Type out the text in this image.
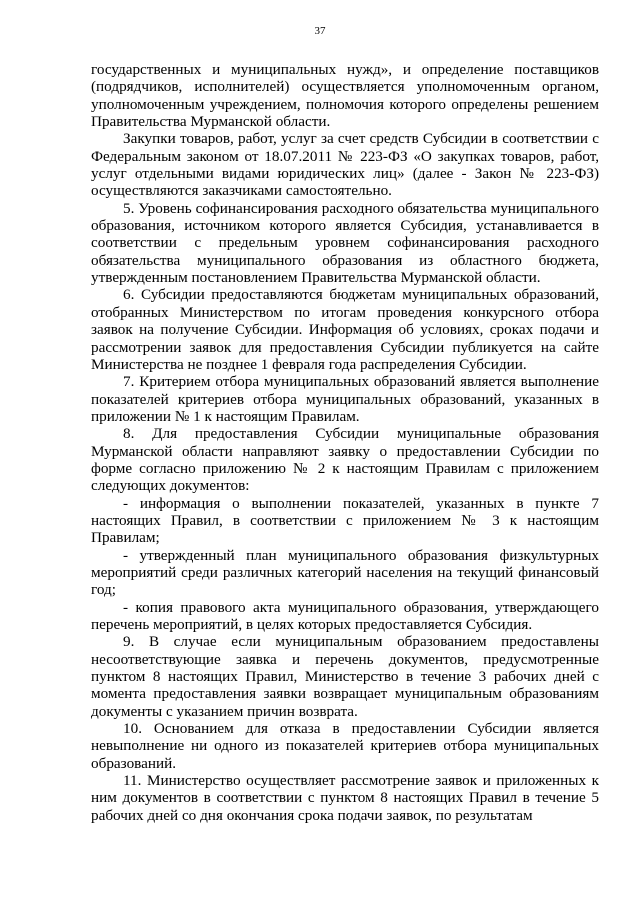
37

государственных и муниципальных нужд», и определение поставщиков (подрядчиков, исполнителей) осуществляется уполномоченным органом, уполномоченным учреждением, полномочия которого определены решением Правительства Мурманской области.

Закупки товаров, работ, услуг за счет средств Субсидии в соответствии с Федеральным законом от 18.07.2011 № 223-ФЗ «О закупках товаров, работ, услуг отдельными видами юридических лиц» (далее - Закон № 223-ФЗ) осуществляются заказчиками самостоятельно.

5. Уровень софинансирования расходного обязательства муниципального образования, источником которого является Субсидия, устанавливается в соответствии с предельным уровнем софинансирования расходного обязательства муниципального образования из областного бюджета, утвержденным постановлением Правительства Мурманской области.

6. Субсидии предоставляются бюджетам муниципальных образований, отобранных Министерством по итогам проведения конкурсного отбора заявок на получение Субсидии. Информация об условиях, сроках подачи и рассмотрении заявок для предоставления Субсидии публикуется на сайте Министерства не позднее 1 февраля года распределения Субсидии.

7. Критерием отбора муниципальных образований является выполнение показателей критериев отбора муниципальных образований, указанных в приложении № 1 к настоящим Правилам.

8. Для предоставления Субсидии муниципальные образования Мурманской области направляют заявку о предоставлении Субсидии по форме согласно приложению № 2 к настоящим Правилам с приложением следующих документов:

- информация о выполнении показателей, указанных в пункте 7 настоящих Правил, в соответствии с приложением № 3 к настоящим Правилам;

- утвержденный план муниципального образования физкультурных мероприятий среди различных категорий населения на текущий финансовый год;

- копия правового акта муниципального образования, утверждающего перечень мероприятий, в целях которых предоставляется Субсидия.

9. В случае если муниципальным образованием предоставлены несоответствующие заявка и перечень документов, предусмотренные пунктом 8 настоящих Правил, Министерство в течение 3 рабочих дней с момента предоставления заявки возвращает муниципальным образованиям документы с указанием причин возврата.

10. Основанием для отказа в предоставлении Субсидии является невыполнение ни одного из показателей критериев отбора муниципальных образований.

11. Министерство осуществляет рассмотрение заявок и приложенных к ним документов в соответствии с пунктом 8 настоящих Правил в течение 5 рабочих дней со дня окончания срока подачи заявок, по результатам
